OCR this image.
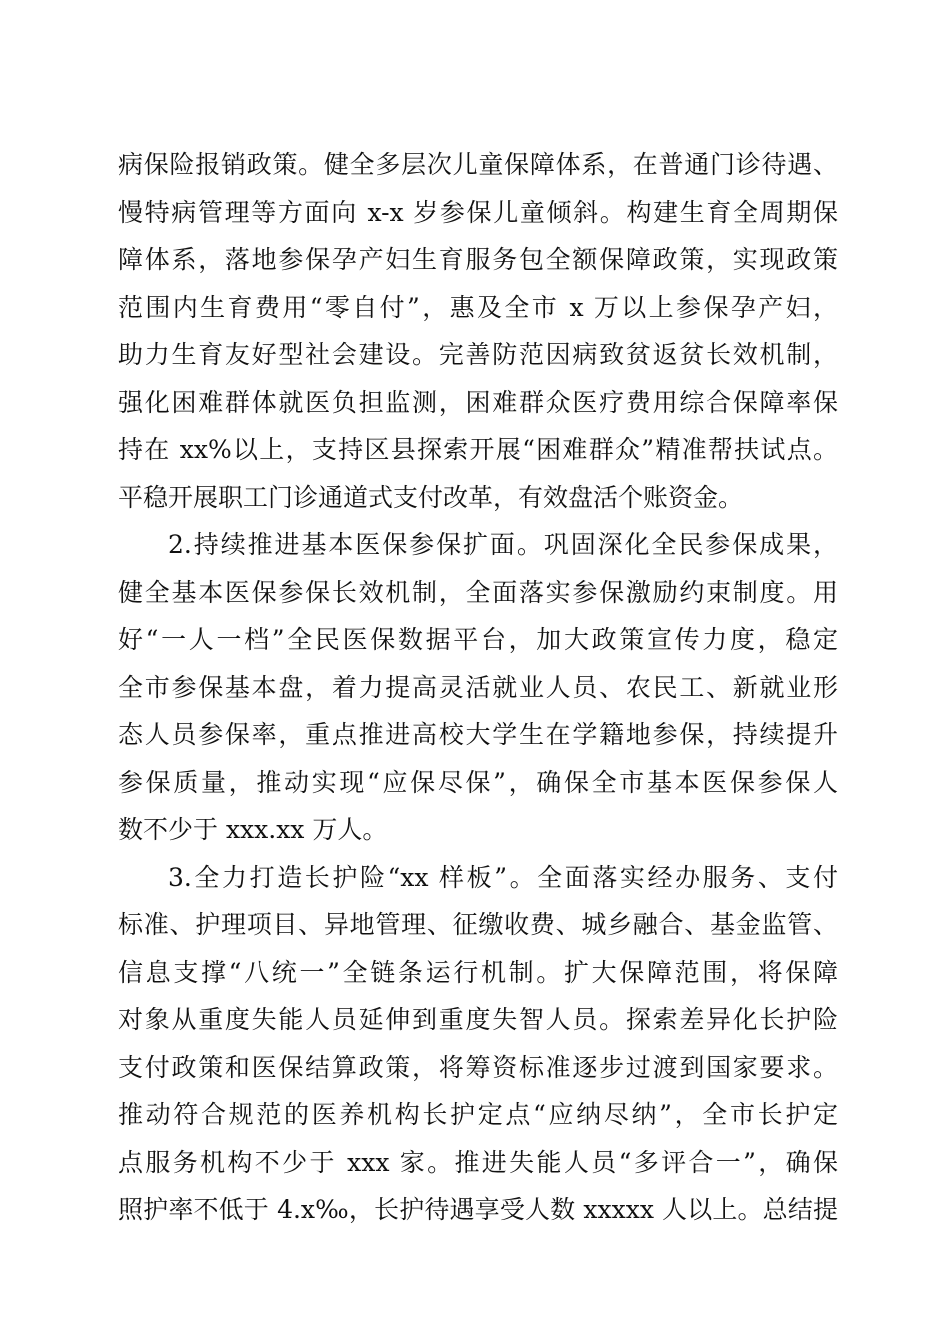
病保险报销政策。健全多层次儿童保障体系，在普通门诊待遇、
慢特病管理等方面向 x-x 岁参保儿童倾斜。构建生育全周期保
障体系，落地参保孕产妇生育服务包全额保障政策，实现政策
范围内生育费用“零自付”，惠及全市 x 万以上参保孕产妇，
助力生育友好型社会建设。完善防范因病致贫返贫长效机制，
强化困难群体就医负担监测，困难群众医疗费用综合保障率保
持在 xx%以上，支持区县探索开展“困难群众”精准帮扶试点。
平稳开展职工门诊通道式支付改革，有效盘活个账资金。
2.持续推进基本医保参保扩面。巩固深化全民参保成果，
健全基本医保参保长效机制，全面落实参保激励约束制度。用
好“一人一档”全民医保数据平台，加大政策宣传力度，稳定
全市参保基本盘，着力提高灵活就业人员、农民工、新就业形
态人员参保率，重点推进高校大学生在学籍地参保，持续提升
参保质量，推动实现“应保尽保”，确保全市基本医保参保人
数不少于 xxx.xx 万人。
3.全力打造长护险“xx 样板”。全面落实经办服务、支付
标准、护理项目、异地管理、征缴收费、城乡融合、基金监管、
信息支撑“八统一”全链条运行机制。扩大保障范围，将保障
对象从重度失能人员延伸到重度失智人员。探索差异化长护险
支付政策和医保结算政策，将筹资标准逐步过渡到国家要求。
推动符合规范的医养机构长护定点“应纳尽纳”，全市长护定
点服务机构不少于 xxx 家。推进失能人员“多评合一”，确保
照护率不低于 4.x‰，长护待遇享受人数 xxxxx 人以上。总结提
